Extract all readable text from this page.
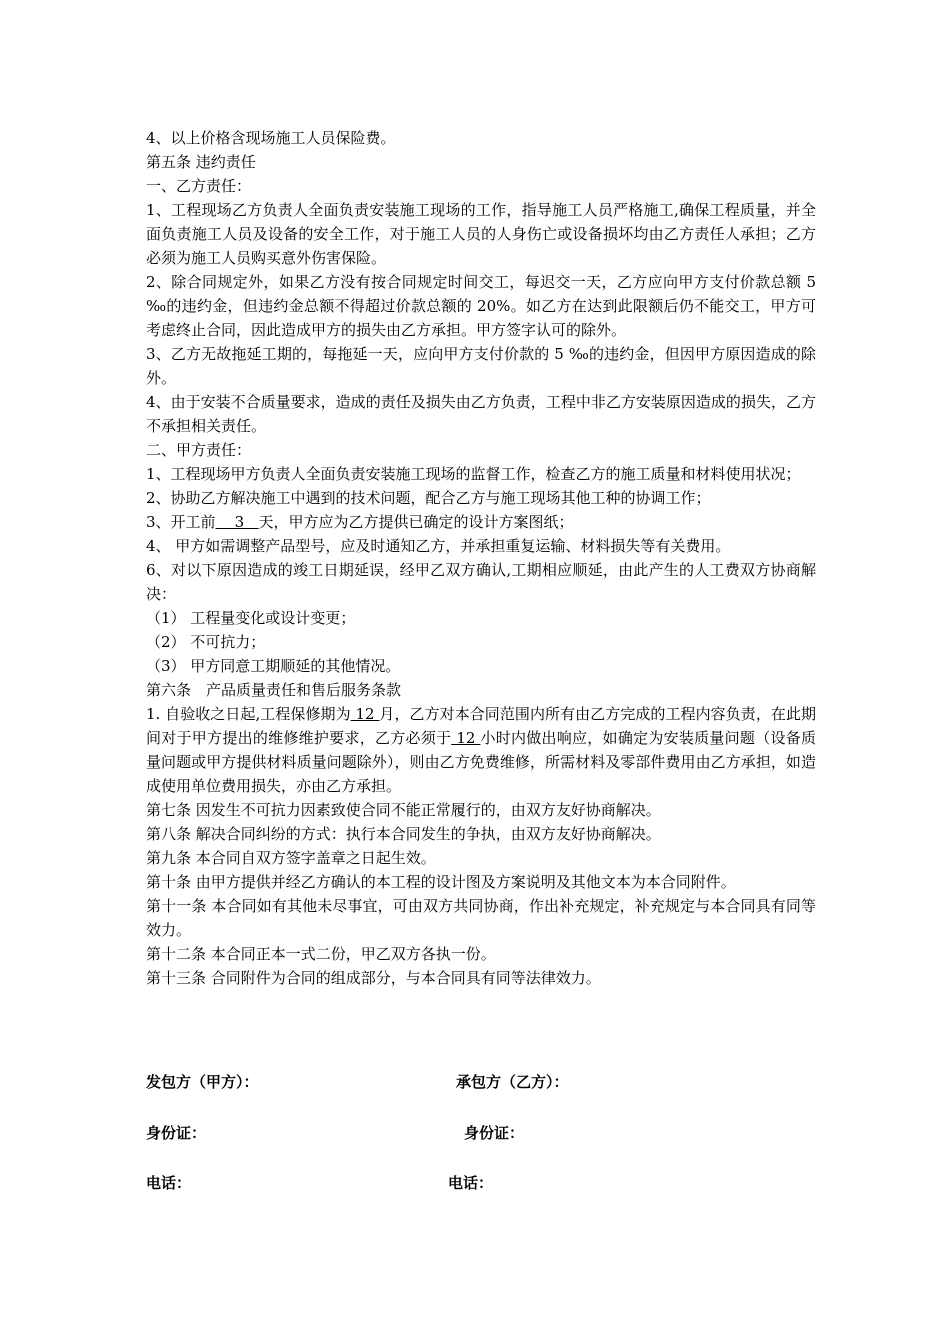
4、以上价格含现场施工人员保险费。

第五条 违约责任

一、乙方责任：

1、工程现场乙方负责人全面负责安装施工现场的工作，指导施工人员严格施工,确保工程质量，并全面负责施工人员及设备的安全工作，对于施工人员的人身伤亡或设备损坏均由乙方责任人承担；乙方必须为施工人员购买意外伤害保险。

2、除合同规定外，如果乙方没有按合同规定时间交工，每迟交一天，乙方应向甲方支付价款总额 5 ‰的违约金，但违约金总额不得超过价款总额的 20%。如乙方在达到此限额后仍不能交工，甲方可考虑终止合同，因此造成甲方的损失由乙方承担。甲方签字认可的除外。

3、乙方无故拖延工期的，每拖延一天，应向甲方支付价款的 5 ‰的违约金，但因甲方原因造成的除外。

4、由于安装不合质量要求，造成的责任及损失由乙方负责，工程中非乙方安装原因造成的损失，乙方不承担相关责任。

二、甲方责任：

1、工程现场甲方负责人全面负责安装施工现场的监督工作，检查乙方的施工质量和材料使用状况；

2、协助乙方解决施工中遇到的技术问题，配合乙方与施工现场其他工种的协调工作；

3、开工前    3   天，甲方应为乙方提供已确定的设计方案图纸；

4、 甲方如需调整产品型号，应及时通知乙方，并承担重复运输、材料损失等有关费用。

6、对以下原因造成的竣工日期延误，经甲乙双方确认,工期相应顺延，由此产生的人工费双方协商解决：

（1） 工程量变化或设计变更；

（2） 不可抗力；

（3） 甲方同意工期顺延的其他情况。

第六条　产品质量责任和售后服务条款

1. 自验收之日起,工程保修期为 12 月，乙方对本合同范围内所有由乙方完成的工程内容负责，在此期间对于甲方提出的维修维护要求，乙方必须于 12 小时内做出响应，如确定为安装质量问题（设备质量问题或甲方提供材料质量问题除外），则由乙方免费维修，所需材料及零部件费用由乙方承担，如造成使用单位费用损失，亦由乙方承担。

第七条 因发生不可抗力因素致使合同不能正常履行的，由双方友好协商解决。

第八条 解决合同纠纷的方式：执行本合同发生的争执，由双方友好协商解决。

第九条 本合同自双方签字盖章之日起生效。

第十条 由甲方提供并经乙方确认的本工程的设计图及方案说明及其他文本为本合同附件。

第十一条 本合同如有其他未尽事宜，可由双方共同协商，作出补充规定，补充规定与本合同具有同等效力。

第十二条 本合同正本一式二份，甲乙双方各执一份。

第十三条 合同附件为合同的组成部分，与本合同具有同等法律效力。

发包方（甲方）：	承包方（乙方）：
身份证：	身份证：
电话：	电话：
